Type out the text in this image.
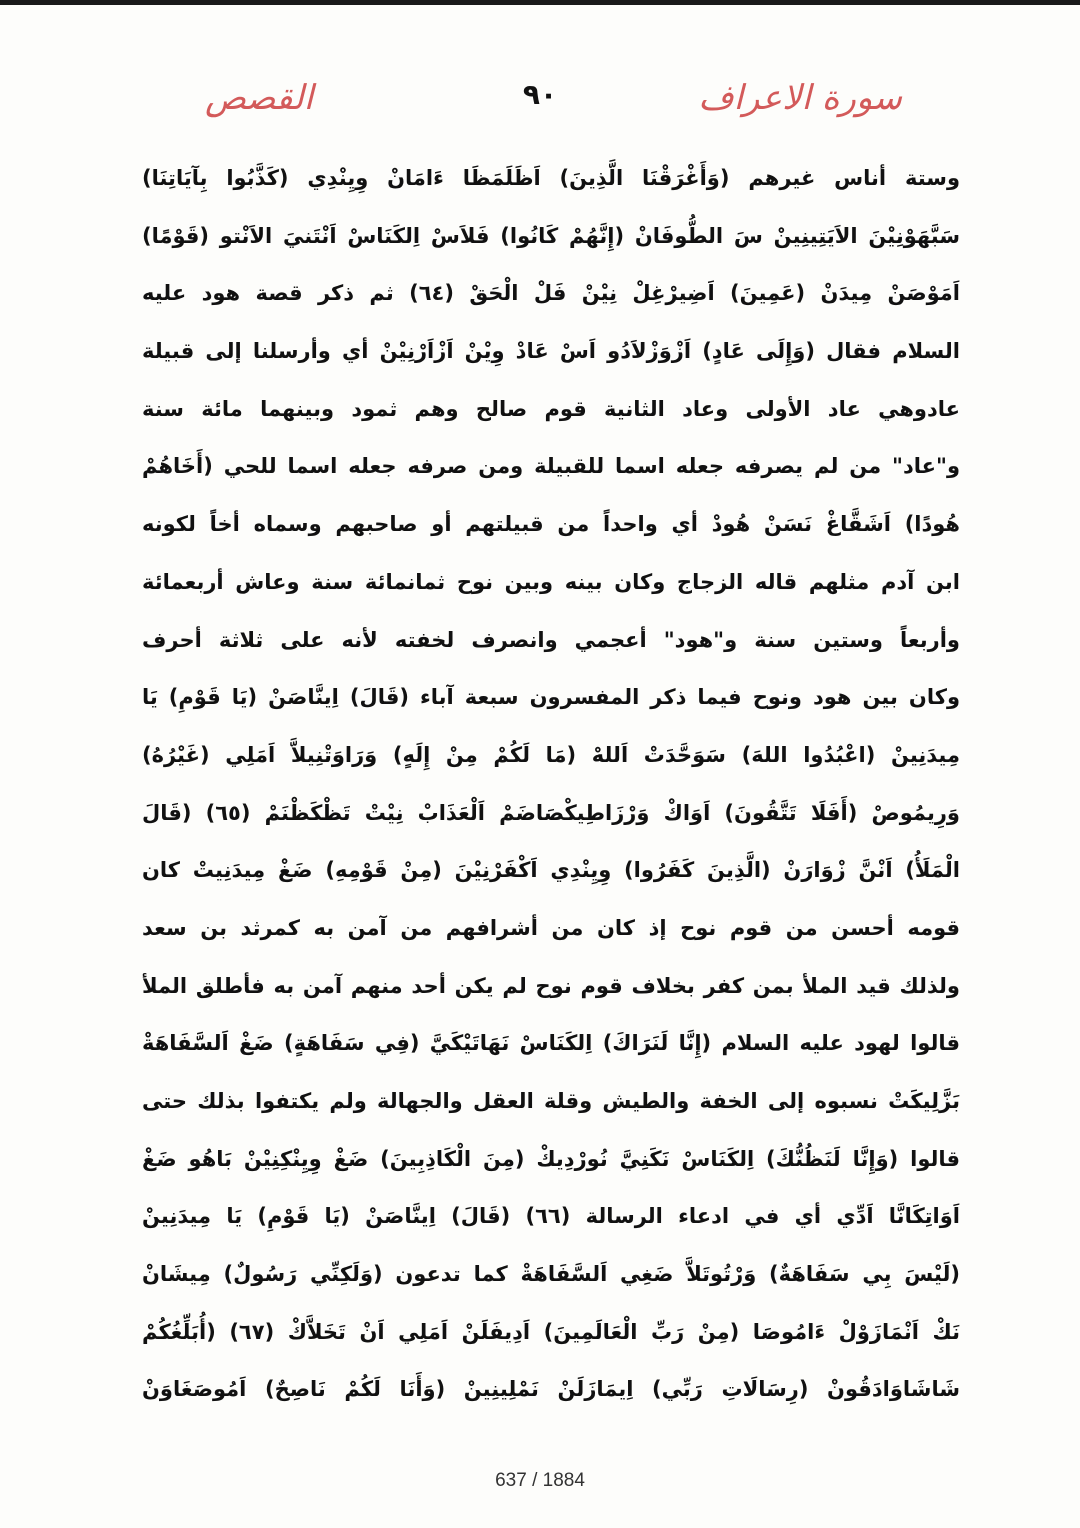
سورة الاعراف
٩٠
القصص
وستة أناس غيرهم (وَأَغْرَقْنَا الَّذِينَ) اَظَلَمَظَا ءَامَانْ وِيِنْدِي (كَذَّبُوا بِآيَاتِنَا)
سَبَّهَوْنِيْنَ الاَيَتِينِينْ سَ الطُّوفَانْ (إِنَّهُمْ كَانُوا) فَلاَسْ اِلكَنَاسْ اَنْتَنيَ الاَنْتو (قَوْمًا)
اَمَوْصَنْ مِيدَنْ (عَمِينَ) اَضِيرْغِلْ نِيْنْ فَلْ الْحَقْ (٦٤) ثم ذكر قصة هود عليه
السلام فقال (وَإِلَى عَادٍ) اَزْوَزْلاَدُو اَسْ عَادْ وِيْنْ اَزْاَرْنِيْنْ أي وأرسلنا إلى قبيلة
عادوهي عاد الأولى وعاد الثانية قوم صالح وهم ثمود وبينهما مائة سنة
و"عاد" من لم يصرفه جعله اسما للقبيلة ومن صرفه جعله اسما للحي (أَخَاهُمْ
هُودًا) اَشَقَّاغْ نَسَنْ هُودْ أي واحداً من قبيلتهم أو صاحبهم وسماه أخاً لكونه
ابن آدم مثلهم قاله الزجاج وكان بينه وبين نوح ثمانمائة سنة وعاش أربعمائة
وأربعاً وستين سنة و"هود" أعجمي وانصرف لخفته لأنه على ثلاثة أحرف
وكان بين هود ونوح فيما ذكر المفسرون سبعة آباء (قَالَ) اِينَّاصَنْ (يَا قَوْمِ) يَا
مِيدَنِينْ (اعْبُدُوا اللهَ) سَوَحَّدَتْ اَللهْ (مَا لَكُمْ مِنْ إِلَهٍ) وَرَاوَتْنِيلاَّ اَمَلِي (غَيْرُهُ)
وَرِيمُوصْ (أَفَلَا تَتَّقُونَ) اَوَاكْ وَرْزَاطِيكْصَاضَمْ اَلْعَذَابْ نِيْتْ تَظْكَظْنَمْ (٦٥) (قَالَ
الْمَلَأُ) اَنْنَّ زْوَارَنْ (الَّذِينَ كَفَرُوا) وِيِنْدِي اَكْفَرْنِيْنَ (مِنْ قَوْمِهِ) ضَغْ مِيدَنِيتْ كان
قومه أحسن من قوم نوح إذ كان من أشرافهم من آمن به كمرثد بن سعد
ولذلك قيد الملأ بمن كفر بخلاف قوم نوح لم يكن أحد منهم آمن به فأطلق الملأ
قالوا لهود عليه السلام (إِنَّا لَنَرَاكَ) اِلكَنَاسْ نَهَاتَيْكَيَّ (فِي سَفَاهَةٍ) ضَغْ اَلسَّفَاهَةْ
بَزَّلِيكَتْ نسبوه إلى الخفة والطيش وقلة العقل والجهالة ولم يكتفوا بذلك حتى
قالوا (وَإِنَّا لَنَظُنُّكَ) اِلكَنَاسْ نَكَنِيَّ نُورْدِيكْ (مِنَ الْكَاذِبِينَ) ضَغْ وِيِنْكِنِيْنْ بَاهُو ضَغْ
اَوَاتِكَانَّا اَدِّي أي في ادعاء الرسالة (٦٦) (قَالَ) اِينَّاصَنْ (يَا قَوْمِ) يَا مِيدَنِينْ
(لَيْسَ بِي سَفَاهَةٌ) وَرْتُوتَلاَّ ضَغِي اَلسَّفَاهَةْ كما تدعون (وَلَكِنِّي رَسُولٌ) مِيشَانْ
نَكْ اَنْمَازَوْلْ ءَامُوصَا (مِنْ رَبِّ الْعَالَمِينَ) اَدِيفَلَنْ اَمَلِي اَنْ تَخَلاَّكْ (٦٧) (أُبَلِّغُكُمْ
شَاشَاوَادَقُونْ (رِسَالَاتِ رَبِّي) اِيمَازَلَنْ نَمْلِينِينْ (وَأَنَا لَكُمْ نَاصِحٌ) اَمُوصَغَاوَنْ
637 / 1884
